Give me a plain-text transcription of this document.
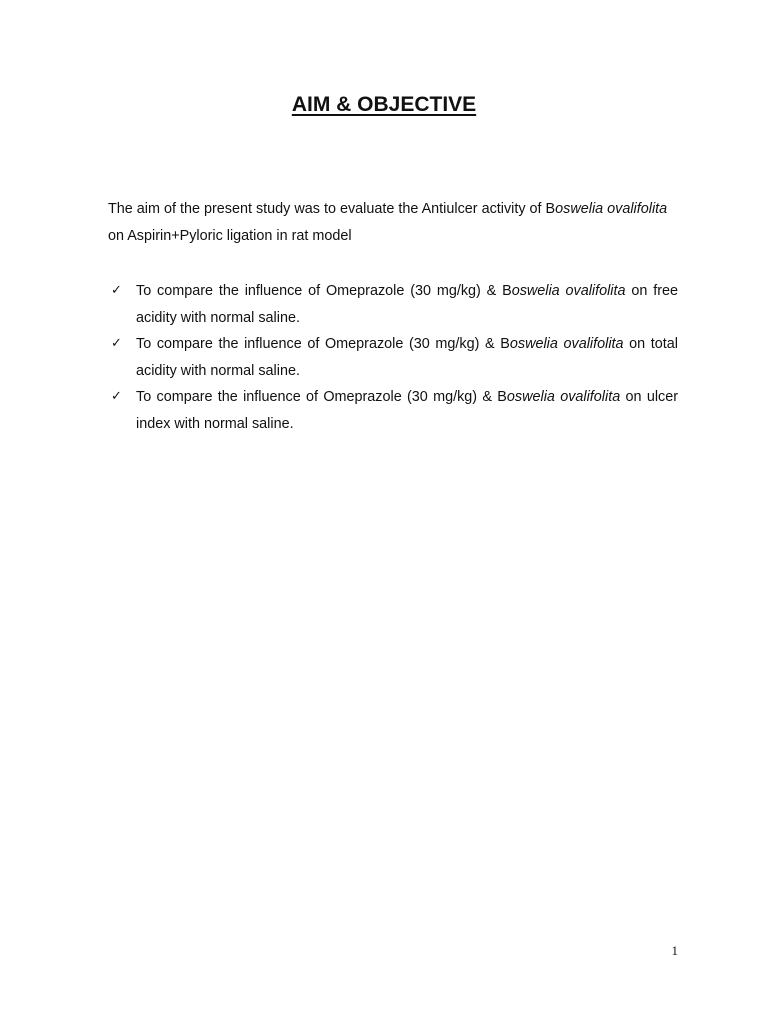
AIM & OBJECTIVE

The aim of the present study was to evaluate the Antiulcer activity of Boswelia ovalifolita on Aspirin+Pyloric ligation in rat model

✓ To compare the influence of Omeprazole (30 mg/kg) & Boswelia ovalifolita on free acidity with normal saline.
✓ To compare the influence of Omeprazole (30 mg/kg) & Boswelia ovalifolita on total acidity with normal saline.
✓ To compare the influence of Omeprazole (30 mg/kg) & Boswelia ovalifolita on ulcer index with normal saline.
1
